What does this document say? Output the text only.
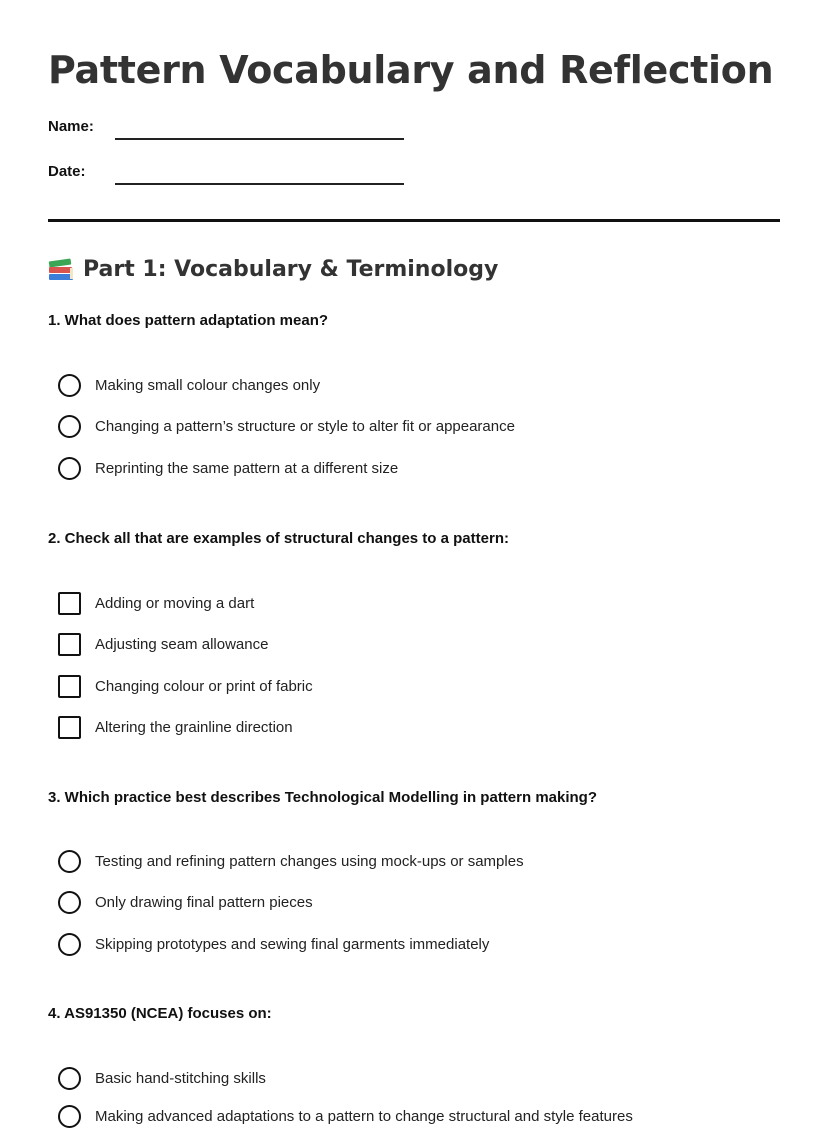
Pattern Vocabulary and Reflection
Name:
Date:
Part 1: Vocabulary & Terminology

1. What does pattern adaptation mean?

Making small colour changes only
Changing a pattern’s structure or style to alter fit or appearance
Reprinting the same pattern at a different size

2. Check all that are examples of structural changes to a pattern:

Adding or moving a dart
Adjusting seam allowance
Changing colour or print of fabric
Altering the grainline direction

3. Which practice best describes Technological Modelling in pattern making?

Testing and refining pattern changes using mock-ups or samples
Only drawing final pattern pieces
Skipping prototypes and sewing final garments immediately

4. AS91350 (NCEA) focuses on:

Basic hand-stitching skills
Making advanced adaptations to a pattern to change structural and style features
